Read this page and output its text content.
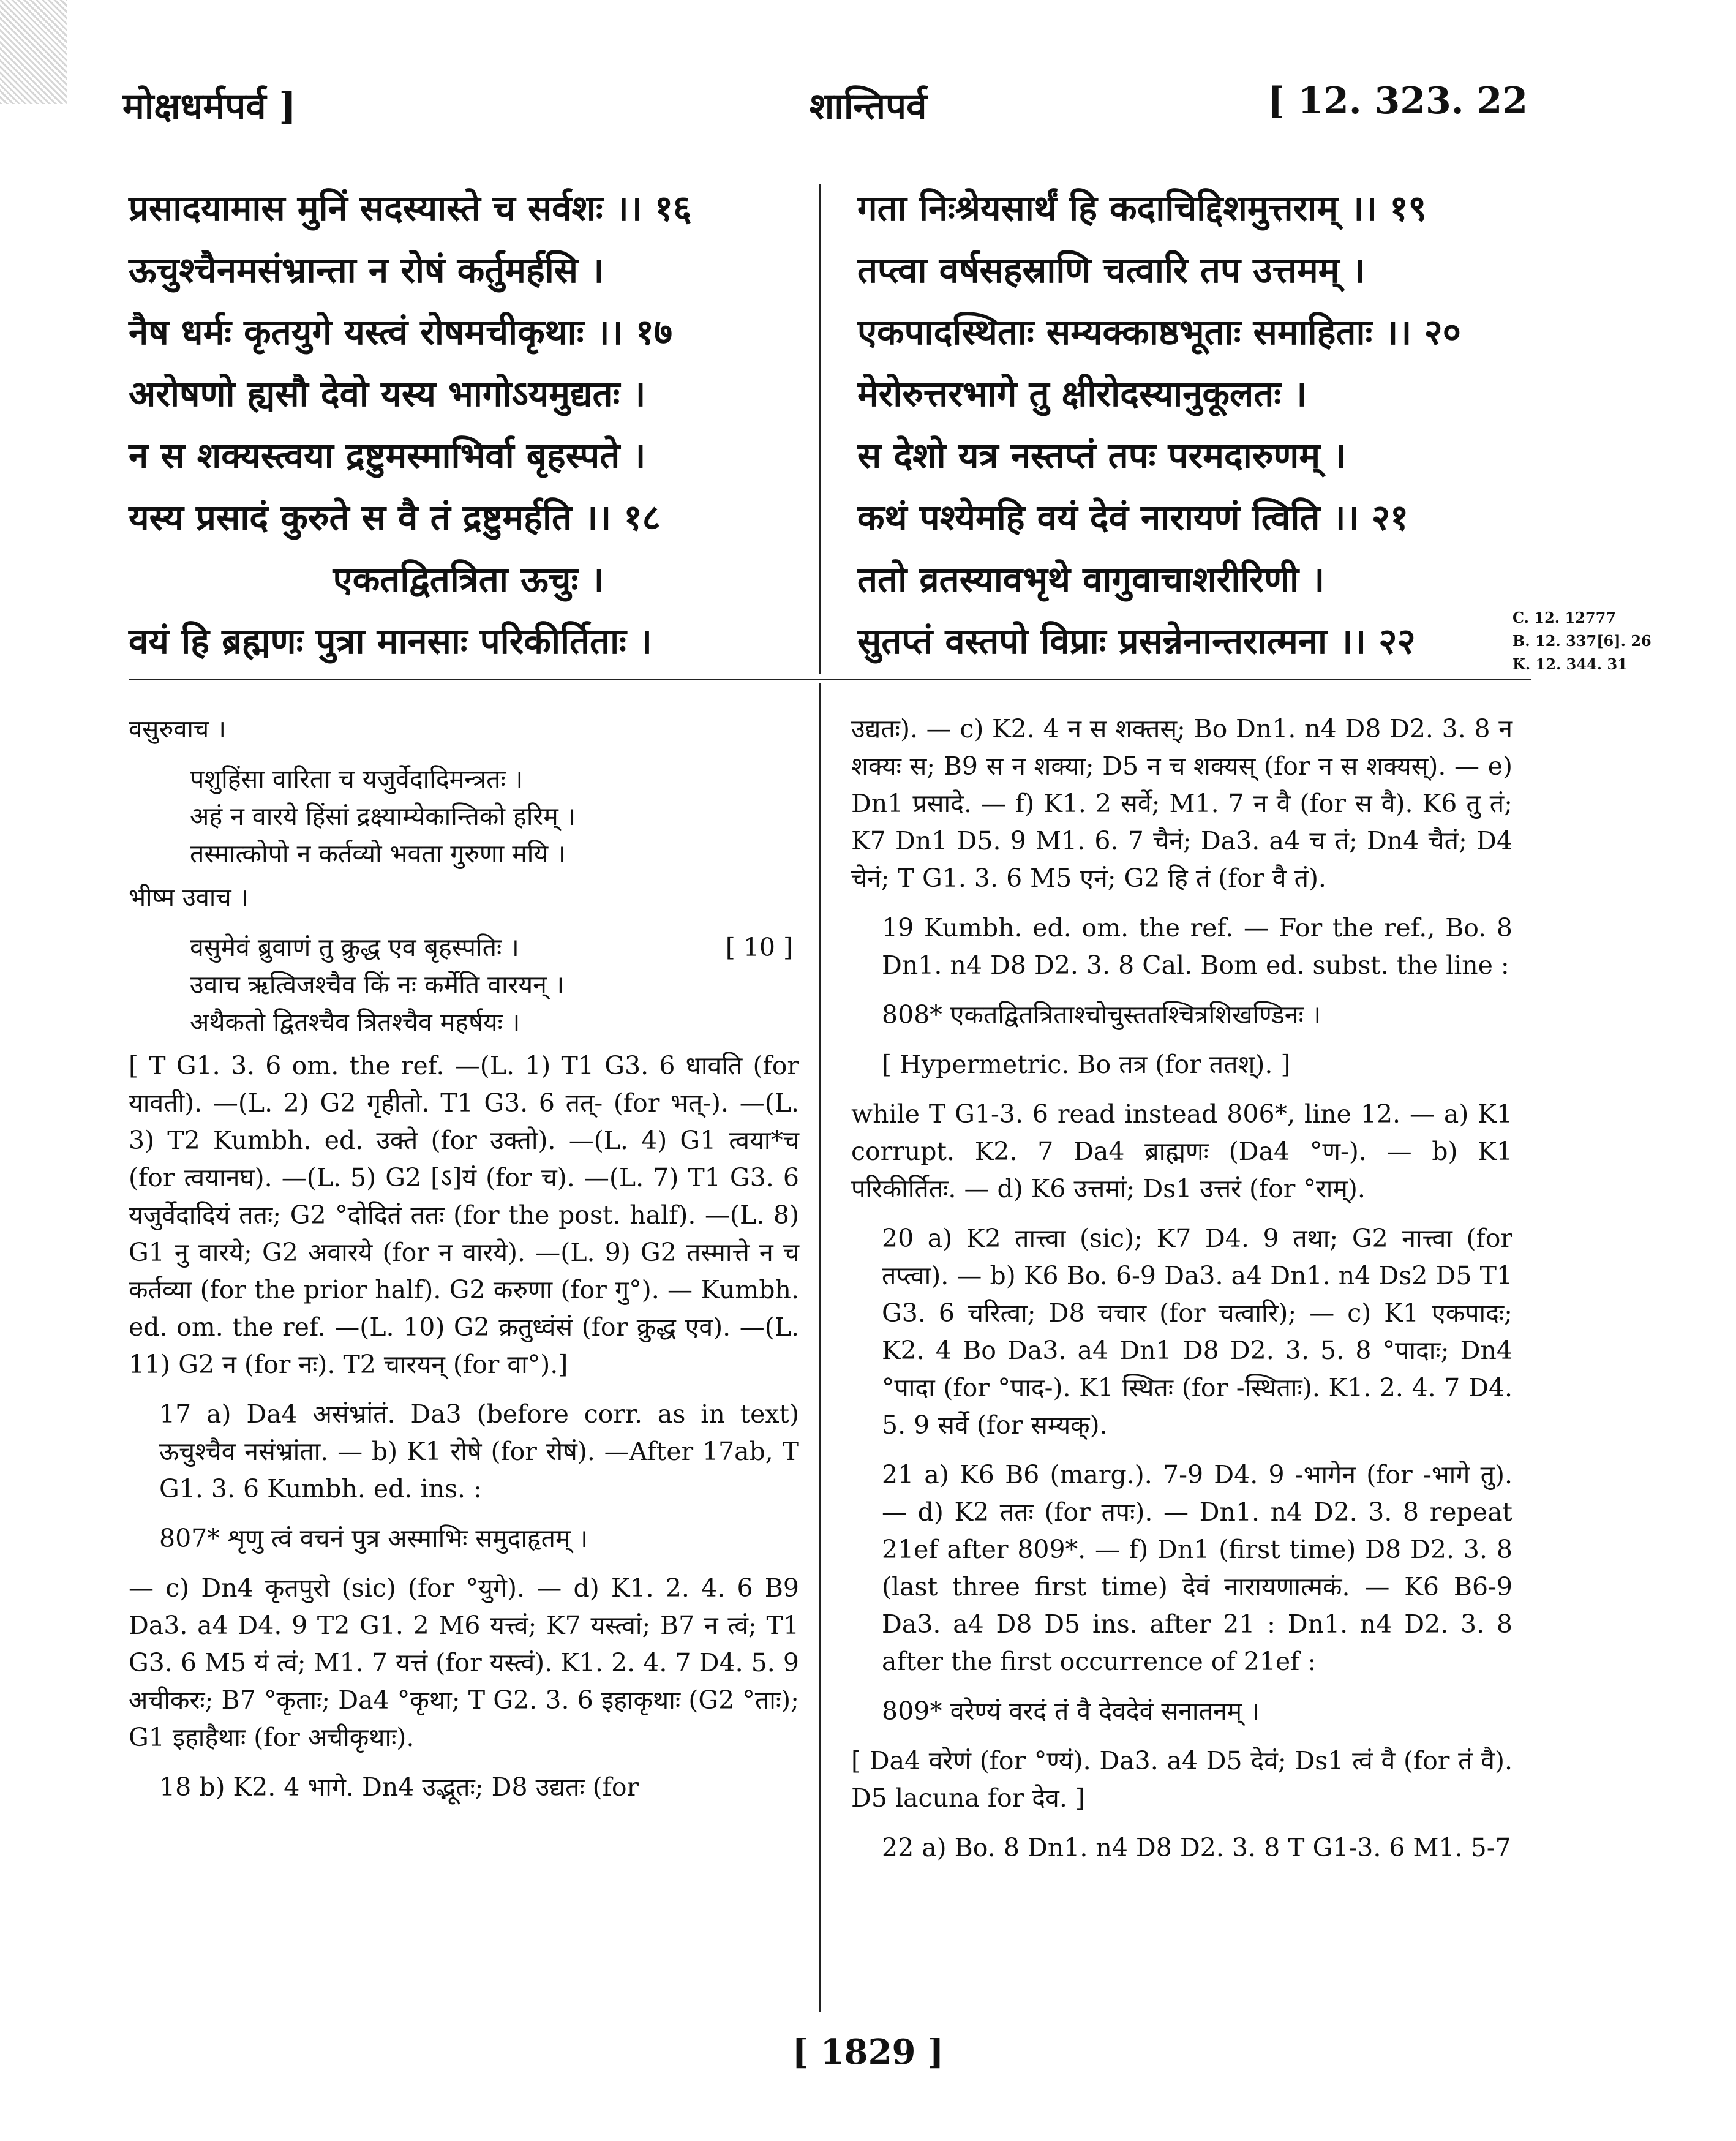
मोक्षधर्मपर्व ]	शान्तिपर्व	[ 12. 323. 22
प्रसादयामास मुनिं सदस्यास्ते च सर्वशः ।। १६
ऊचुश्चैनमसंभ्रान्ता न रोषं कर्तुमर्हसि ।
नैष धर्मः कृतयुगे यस्त्वं रोषमचीकृथाः ।। १७
अरोषणो ह्यसौ देवो यस्य भागोऽयमुद्यतः ।
न स शक्यस्त्वया द्रष्टुमस्माभिर्वा बृहस्पते ।
यस्य प्रसादं कुरुते स वै तं द्रष्टुमर्हति ।। १८
एकतद्वितत्रिता ऊचुः ।
वयं हि ब्रह्मणः पुत्रा मानसाः परिकीर्तिताः ।
गता निःश्रेयसार्थं हि कदाचिद्दिशमुत्तराम् ।। १९
तप्त्वा वर्षसहस्राणि चत्वारि तप उत्तमम् ।
एकपादस्थिताः सम्यक्काष्ठभूताः समाहिताः ।। २०
मेरोरुत्तरभागे तु क्षीरोदस्यानुकूलतः ।
स देशो यत्र नस्तप्तं तपः परमदारुणम् ।
कथं पश्येमहि वयं देवं नारायणं त्विति ।। २१
ततो व्रतस्यावभृथे वागुवाचाशरीरिणी ।
सुतप्तं वस्तपो विप्राः प्रसन्नेनान्तरात्मना ।। २२
C. 12. 12777
B. 12. 337[6]. 26
K. 12. 344. 31

वसुरुवाच ।

पशुहिंसा वारिता च यजुर्वेदादिमन्त्रतः ।
अहं न वारये हिंसां द्रक्ष्याम्येकान्तिको हरिम् ।
तस्मात्कोपो न कर्तव्यो भवता गुरुणा मयि ।

भीष्म उवाच ।

वसुमेवं ब्रुवाणं तु क्रुद्ध एव बृहस्पतिः ।	[ 10 ]
उवाच ऋत्विजश्चैव किं नः कर्मेति वारयन् ।
अथैकतो द्वितश्चैव त्रितश्चैव महर्षयः ।

[ T G1. 3. 6 om. the ref. —(L. 1) T1 G3. 6 धावति (for यावती). —(L. 2) G2 गृहीतो. T1 G3. 6 तत्- (for भत्-). —(L. 3) T2 Kumbh. ed. उक्ते (for उक्तो). —(L. 4) G1 त्वया*च (for त्वयानघ). —(L. 5) G2 [ऽ]यं (for च). —(L. 7) T1 G3. 6 यजुर्वेदादियं ततः; G2 °दोदितं ततः (for the post. half). —(L. 8) G1 नु वारये; G2 अवारये (for न वारये). —(L. 9) G2 तस्मात्ते न च कर्तव्या (for the prior half). G2 करुणा (for गु°). — Kumbh. ed. om. the ref. —(L. 10) G2 क्रतुध्वंसं (for क्रुद्ध एव). —(L. 11) G2 न (for नः). T2 चारयन् (for वा°).]

17 a) Da4 असंभ्रांतं. Da3 (before corr. as in text) ऊचुश्चैव नसंभ्रांता. — b) K1 रोषे (for रोषं). —After 17ab, T G1. 3. 6 Kumbh. ed. ins. :

807* शृणु त्वं वचनं पुत्र अस्माभिः समुदाहृतम् ।

— c) Dn4 कृतपुरो (sic) (for °युगे). — d) K1. 2. 4. 6 B9 Da3. a4 D4. 9 T2 G1. 2 M6 यत्त्वं; K7 यस्त्वां; B7 न त्वं; T1 G3. 6 M5 यं त्वं; M1. 7 यत्तं (for यस्त्वं). K1. 2. 4. 7 D4. 5. 9 अचीकरः; B7 °कृताः; Da4 °कृथा; T G2. 3. 6 इहाकृथाः (G2 °ताः); G1 इहाहैथाः (for अचीकृथाः).

18 b) K2. 4 भागे. Dn4 उद्भूतः; D8 उद्यतः (for

उद्यतः). — c) K2. 4 न स शक्तस्; Bo Dn1. n4 D8 D2. 3. 8 न शक्यः स; B9 स न शक्या; D5 न च शक्यस् (for न स शक्यस्). — e) Dn1 प्रसादे. — f) K1. 2 सर्वे; M1. 7 न वै (for स वै). K6 तु तं; K7 Dn1 D5. 9 M1. 6. 7 चैनं; Da3. a4 च तं; Dn4 चैतं; D4 चेनं; T G1. 3. 6 M5 एनं; G2 हि तं (for वै तं).

19 Kumbh. ed. om. the ref. — For the ref., Bo. 8 Dn1. n4 D8 D2. 3. 8 Cal. Bom ed. subst. the line :

808* एकतद्वितत्रिताश्चोचुस्ततश्चित्रशिखण्डिनः ।

[ Hypermetric. Bo तत्र (for ततश्). ]

while T G1-3. 6 read instead 806*, line 12. — a) K1 corrupt. K2. 7 Da4 ब्राह्मणः (Da4 °ण-). — b) K1 परिकीर्तितः. — d) K6 उत्तमां; Ds1 उत्तरं (for °राम्).

20 a) K2 तात्त्वा (sic); K7 D4. 9 तथा; G2 नात्त्वा (for तप्त्वा). — b) K6 Bo. 6-9 Da3. a4 Dn1. n4 Ds2 D5 T1 G3. 6 चरित्वा; D8 चचार (for चत्वारि); — c) K1 एकपादः; K2. 4 Bo Da3. a4 Dn1 D8 D2. 3. 5. 8 °पादाः; Dn4 °पादा (for °पाद-). K1 स्थितः (for -स्थिताः). K1. 2. 4. 7 D4. 5. 9 सर्वे (for सम्यक्).

21 a) K6 B6 (marg.). 7-9 D4. 9 -भागेन (for -भागे तु). — d) K2 ततः (for तपः). — Dn1. n4 D2. 3. 8 repeat 21ef after 809*. — f) Dn1 (first time) D8 D2. 3. 8 (last three first time) देवं नारायणात्मकं. — K6 B6-9 Da3. a4 D8 D5 ins. after 21 : Dn1. n4 D2. 3. 8 after the first occurrence of 21ef :

809* वरेण्यं वरदं तं वै देवदेवं सनातनम् ।

[ Da4 वरेणं (for °ण्यं). Da3. a4 D5 देवं; Ds1 त्वं वै (for तं वै). D5 lacuna for देव. ]

22 a) Bo. 8 Dn1. n4 D8 D2. 3. 8 T G1-3. 6 M1. 5-7

[ 1829 ]
